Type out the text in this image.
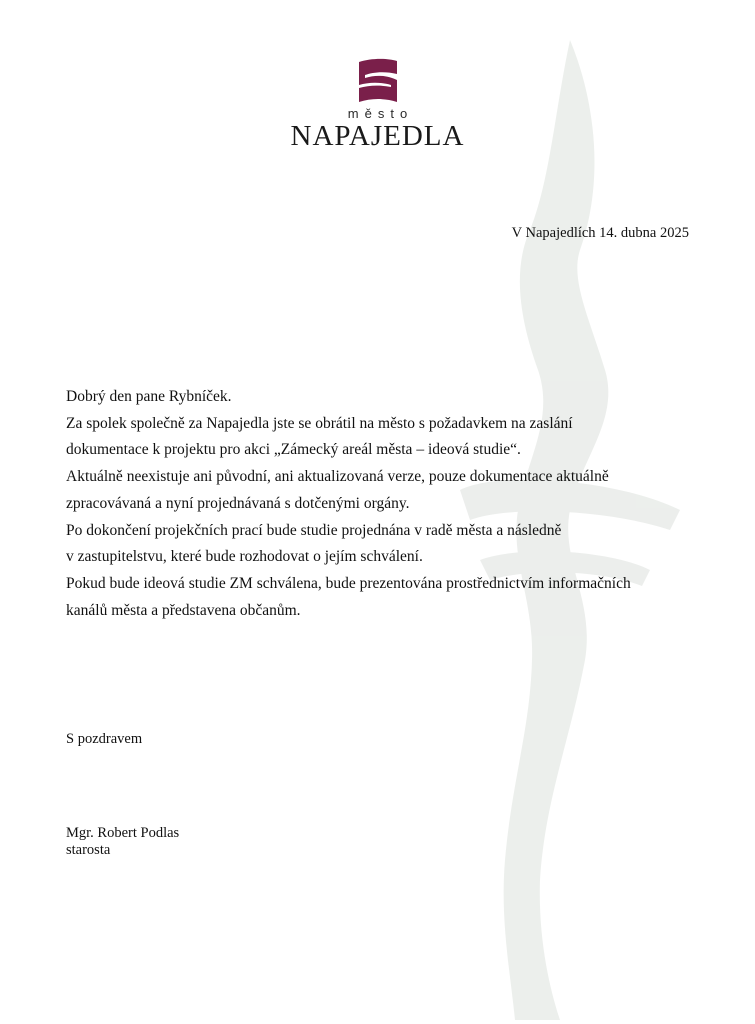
město
NAPAJEDLA
V Napajedlích 14. dubna 2025
Dobrý den pane Rybníček.
Za spolek společně za Napajedla jste se obrátil na město s požadavkem na zaslání
dokumentace k projektu pro akci „Zámecký areál města – ideová studie“.
Aktuálně neexistuje ani původní, ani aktualizovaná verze, pouze dokumentace aktuálně
zpracovávaná a nyní projednávaná s dotčenými orgány.
Po dokončení projekčních prací bude studie projednána v radě města a následně
v zastupitelstvu, které bude rozhodovat o jejím schválení.
Pokud bude ideová studie ZM schválena, bude prezentována prostřednictvím informačních
kanálů města a představena občanům.
S pozdravem
Mgr. Robert Podlas
starosta
